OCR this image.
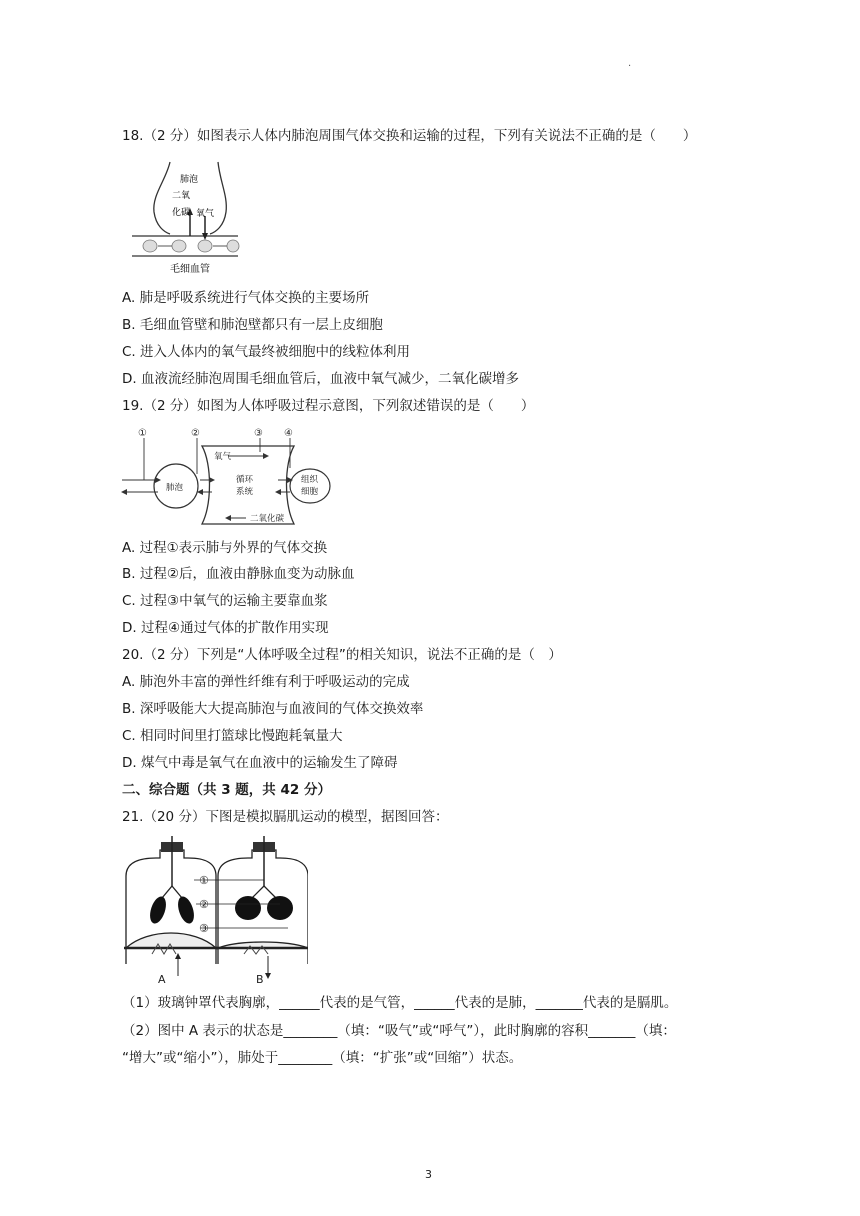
.
18.（2 分）如图表示人体内肺泡周围气体交换和运输的过程，下列有关说法不正确的是（　　）
肺泡
二氧
化碳 氧气
毛细血管
A. 肺是呼吸系统进行气体交换的主要场所
B. 毛细血管壁和肺泡壁都只有一层上皮细胞
C. 进入人体内的氧气最终被细胞中的线粒体利用
D. 血液流经肺泡周围毛细血管后，血液中氧气减少，二氧化碳增多
19.（2 分）如图为人体呼吸过程示意图，下列叙述错误的是（　　）
①	②	③ ④
氧气
肺泡
循环
系统
组织
细胞
二氧化碳
A. 过程①表示肺与外界的气体交换
B. 过程②后，血液由静脉血变为动脉血
C. 过程③中氧气的运输主要靠血浆
D. 过程④通过气体的扩散作用实现
20.（2 分）下列是“人体呼吸全过程”的相关知识，说法不正确的是（　）
A. 肺泡外丰富的弹性纤维有利于呼吸运动的完成
B. 深呼吸能大大提高肺泡与血液间的气体交换效率
C. 相同时间里打篮球比慢跑耗氧量大
D. 煤气中毒是氧气在血液中的运输发生了障碍
二、综合题（共 3 题，共 42 分）
21.（20 分）下图是模拟膈肌运动的模型，据图回答：
①
②
③
A	B
（1）玻璃钟罩代表胸廓，______代表的是气管，______代表的是肺，_______代表的是膈肌。
（2）图中 A 表示的状态是________（填：“吸气”或“呼气”），此时胸廓的容积_______（填：
“增大”或“缩小”），肺处于________（填：“扩张”或“回缩”）状态。
3
